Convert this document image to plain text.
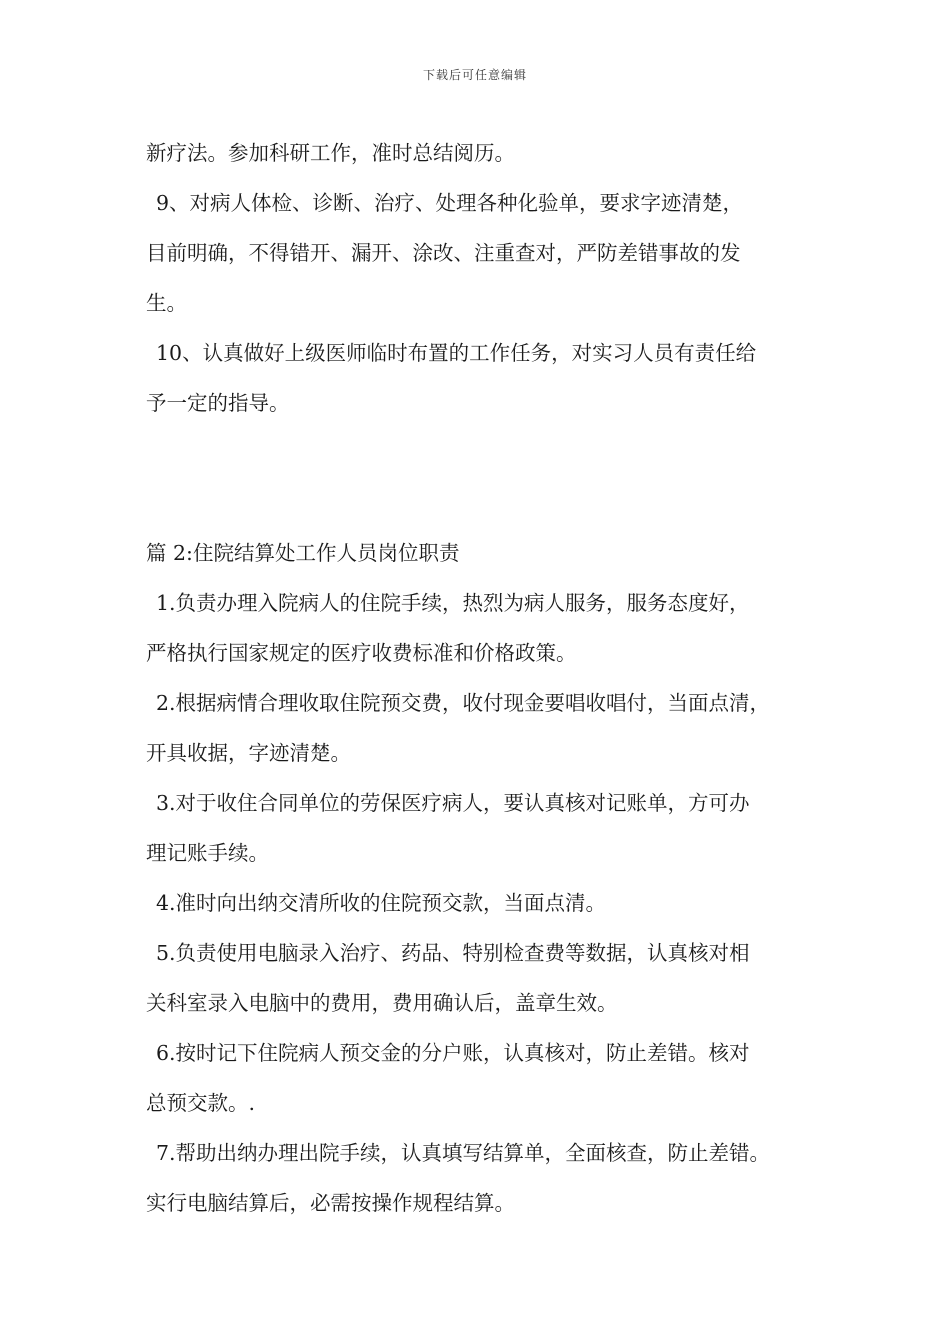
下载后可任意编辑
新疗法。参加科研工作，准时总结阅历。
9、对病人体检、诊断、治疗、处理各种化验单，要求字迹清楚，
目前明确，不得错开、漏开、涂改、注重查对，严防差错事故的发
生。
10、认真做好上级医师临时布置的工作任务，对实习人员有责任给
予一定的指导。
篇 2:住院结算处工作人员岗位职责
1.负责办理入院病人的住院手续，热烈为病人服务，服务态度好，
严格执行国家规定的医疗收费标准和价格政策。
2.根据病情合理收取住院预交费，收付现金要唱收唱付，当面点清，
开具收据，字迹清楚。
3.对于收住合同单位的劳保医疗病人，要认真核对记账单，方可办
理记账手续。
4.准时向出纳交清所收的住院预交款，当面点清。
5.负责使用电脑录入治疗、药品、特别检查费等数据，认真核对相
关科室录入电脑中的费用，费用确认后，盖章生效。
6.按时记下住院病人预交金的分户账，认真核对，防止差错。核对
总预交款。.
7.帮助出纳办理出院手续，认真填写结算单，全面核查，防止差错。
实行电脑结算后，必需按操作规程结算。
